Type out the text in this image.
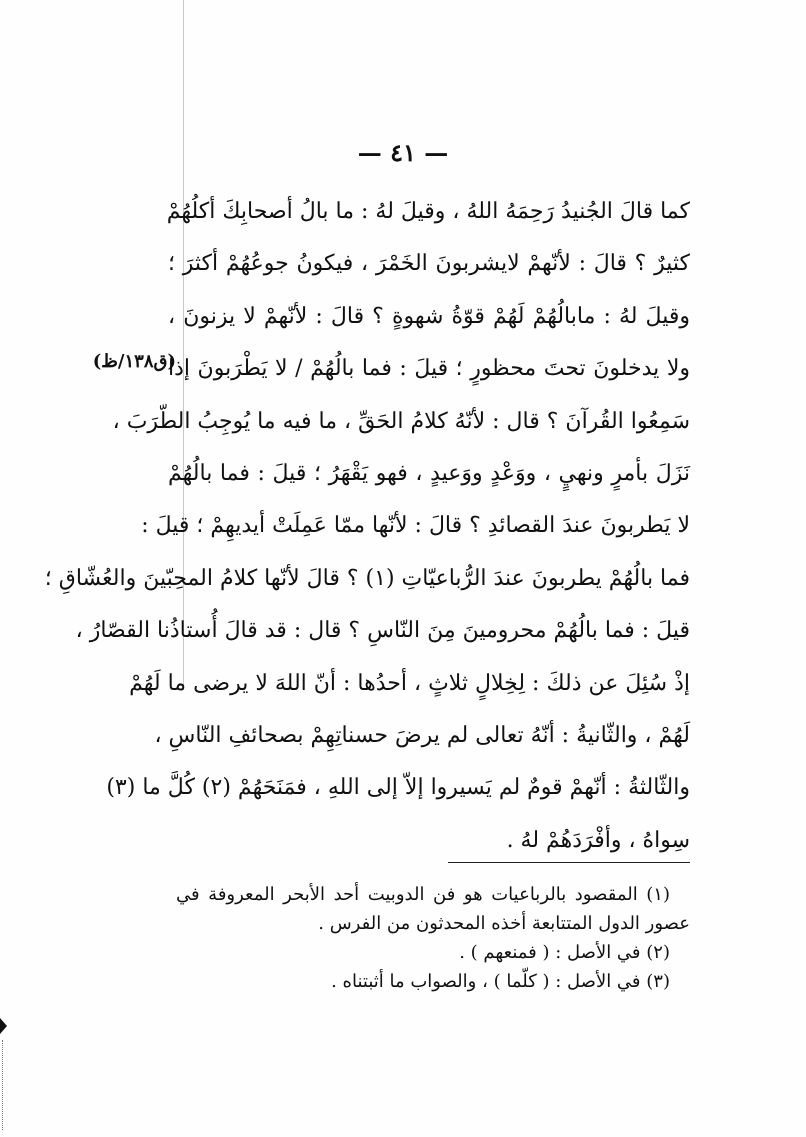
— ٤١ —
(ق١٣٨/ظ)
كما قالَ الجُنيدُ رَحِمَهُ اللهُ ، وقيلَ لهُ : ما بالُ أصحابِكَ أكلُهُمْ
كثيرٌ ؟ قالَ : لأنّهمْ لايشربونَ الخَمْرَ ، فيكونُ جوعُهُمْ أكثرَ ؛
وقيلَ لهُ : مابالُهُمْ لَهُمْ قوّةُ شهوةٍ ؟ قالَ : لأنّهمْ لا يزنونَ ،
ولا يدخلونَ تحتَ محظورٍ ؛ قيلَ : فما بالُهُمْ / لا يَطْرَبونَ إذا
سَمِعُوا القُرآنَ ؟ قال : لأنّهُ كلامُ الحَقِّ ، ما فيه ما يُوجِبُ الطّرَبَ ،
نَزَلَ بأمرٍ ونهيٍ ، ووَعْدٍ ووَعيدٍ ، فهو يَقْهَرُ ؛ قيلَ : فما بالُهُمْ
لا يَطربونَ عندَ القصائدِ ؟ قالَ : لأنّها ممّا عَمِلَتْ أيديهِمْ ؛ قيلَ :
فما بالُهُمْ يطربونَ عندَ الرُّباعيّاتِ (١) ؟ قالَ لأنّها كلامُ المحِبّينَ والعُشّاقِ ؛
قيلَ : فما بالُهُمْ محرومينَ مِنَ النّاسِ ؟ قال : قد قالَ أُستاذُنا القصّارُ ،
إذْ سُئِلَ عن ذلكَ : لِخِلالٍ ثلاثٍ ، أحدُها : أنّ اللهَ لا يرضى ما لَهُمْ
لَهُمْ ، والثّانيةُ : أنّهُ تعالى لم يرضَ حسناتِهِمْ بصحائفِ النّاسِ ،
والثّالثةُ : أنّهمْ قومٌ لم يَسيروا إلاّ إلى اللهِ ، فمَنَحَهُمْ (٢) كُلَّ ما (٣)
سِواهُ ، وأفْرَدَهُمْ لهُ .
(١) المقصود بالرباعيات هو فن الدوبيت أحد الأبحر المعروفة في
عصور الدول المتتابعة أخذه المحدثون من الفرس .
(٢) في الأصل : ( فمنعهم ) .
(٣) في الأصل : ( كلّما ) ، والصواب ما أثبتناه .
